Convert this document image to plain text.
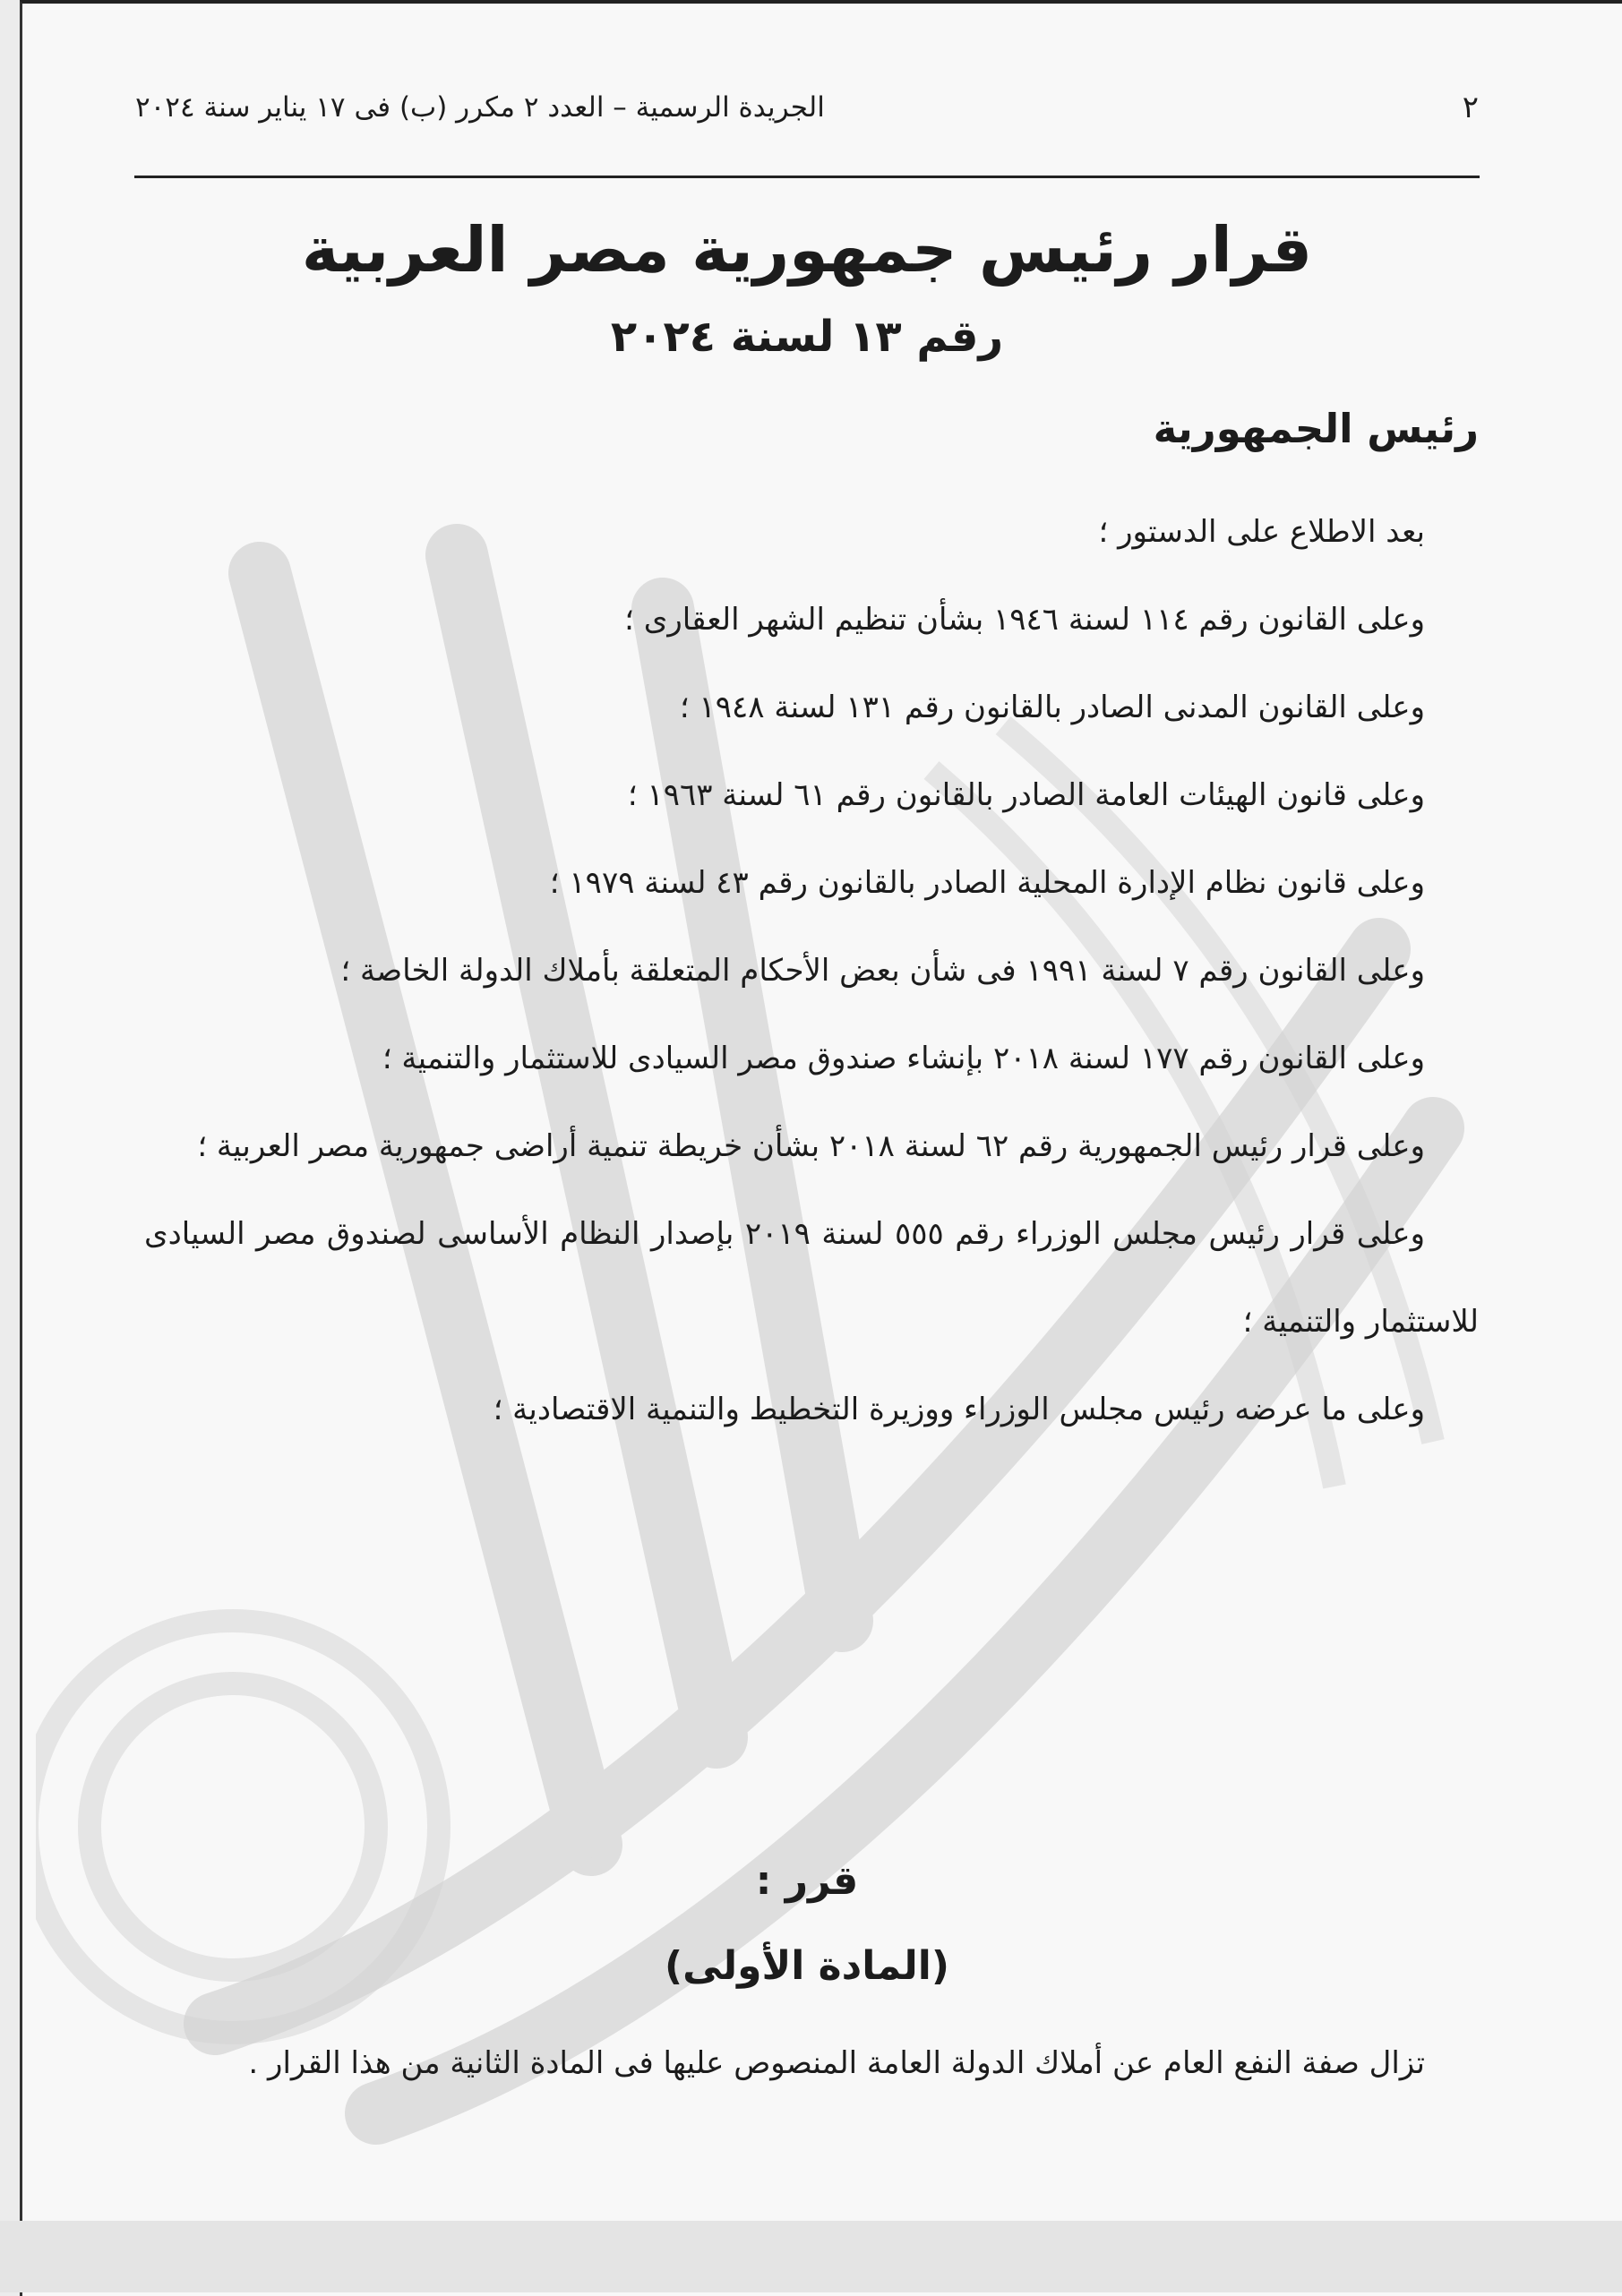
٢
الجريدة الرسمية – العدد ٢ مكرر (ب) فى ١٧ يناير سنة ٢٠٢٤
قرار رئيس جمهورية مصر العربية
رقم ١٣ لسنة ٢٠٢٤
رئيس الجمهورية

بعد الاطلاع على الدستور ؛

وعلى القانون رقم ١١٤ لسنة ١٩٤٦ بشأن تنظيم الشهر العقارى ؛

وعلى القانون المدنى الصادر بالقانون رقم ١٣١ لسنة ١٩٤٨ ؛

وعلى قانون الهيئات العامة الصادر بالقانون رقم ٦١ لسنة ١٩٦٣ ؛

وعلى قانون نظام الإدارة المحلية الصادر بالقانون رقم ٤٣ لسنة ١٩٧٩ ؛

وعلى القانون رقم ٧ لسنة ١٩٩١ فى شأن بعض الأحكام المتعلقة بأملاك الدولة الخاصة ؛

وعلى القانون رقم ١٧٧ لسنة ٢٠١٨ بإنشاء صندوق مصر السيادى للاستثمار والتنمية ؛

وعلى قرار رئيس الجمهورية رقم ٦٢ لسنة ٢٠١٨ بشأن خريطة تنمية أراضى جمهورية مصر العربية ؛

وعلى قرار رئيس مجلس الوزراء رقم ٥٥٥ لسنة ٢٠١٩ بإصدار النظام الأساسى لصندوق مصر السيادى للاستثمار والتنمية ؛

وعلى ما عرضه رئيس مجلس الوزراء ووزيرة التخطيط والتنمية الاقتصادية ؛

قرر :
(المادة الأولى)

تزال صفة النفع العام عن أملاك الدولة العامة المنصوص عليها فى المادة الثانية من هذا القرار .
